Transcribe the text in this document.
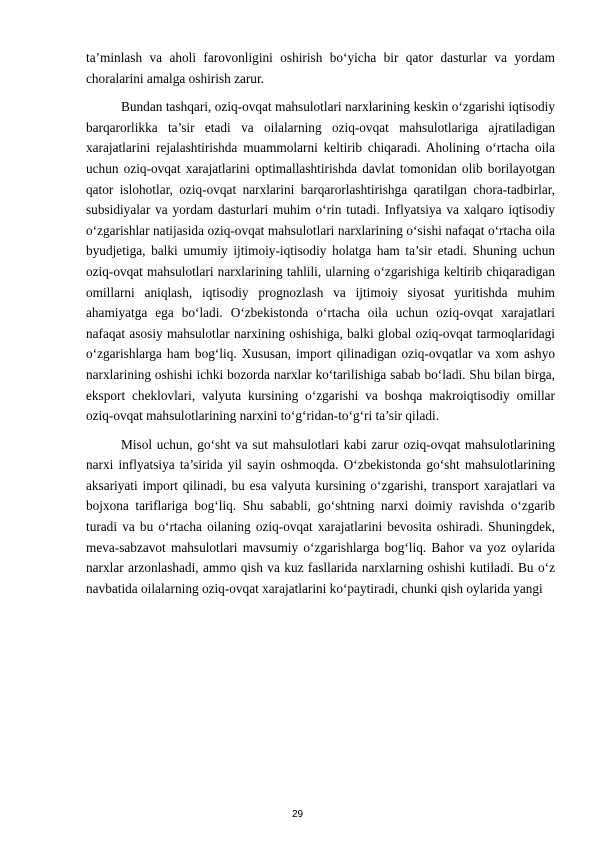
ta’minlash va aholi farovonligini oshirish bo‘yicha bir qator dasturlar va yordam choralarini amalga oshirish zarur.

Bundan tashqari, oziq-ovqat mahsulotlari narxlarining keskin o‘zgarishi iqtisodiy barqarorlikka ta’sir etadi va oilalarning oziq-ovqat mahsulotlariga ajratiladigan xarajatlarini rejalashtirishda muammolarni keltirib chiqaradi. Aholining o‘rtacha oila uchun oziq-ovqat xarajatlarini optimallashtirishda davlat tomonidan olib borilayotgan qator islohotlar, oziq-ovqat narxlarini barqarorlashtirishga qaratilgan chora-tadbirlar, subsidiyalar va yordam dasturlari muhim o‘rin tutadi. Inflyatsiya va xalqaro iqtisodiy o‘zgarishlar natijasida oziq-ovqat mahsulotlari narxlarining o‘sishi nafaqat o‘rtacha oila byudjetiga, balki umumiy ijtimoiy-iqtisodiy holatga ham ta’sir etadi. Shuning uchun oziq-ovqat mahsulotlari narxlarining tahlili, ularning o‘zgarishiga keltirib chiqaradigan omillarni aniqlash, iqtisodiy prognozlash va ijtimoiy siyosat yuritishda muhim ahamiyatga ega bo‘ladi. O‘zbekistonda o‘rtacha oila uchun oziq-ovqat xarajatlari nafaqat asosiy mahsulotlar narxining oshishiga, balki global oziq-ovqat tarmoqlaridagi o‘zgarishlarga ham bog‘liq. Xususan, import qilinadigan oziq-ovqatlar va xom ashyo narxlarining oshishi ichki bozorda narxlar ko‘tarilishiga sabab bo‘ladi. Shu bilan birga, eksport cheklovlari, valyuta kursining o‘zgarishi va boshqa makroiqtisodiy omillar oziq-ovqat mahsulotlarining narxini to‘g‘ridan-to‘g‘ri ta’sir qiladi.

Misol uchun, go‘sht va sut mahsulotlari kabi zarur oziq-ovqat mahsulotlarining narxi inflyatsiya ta’sirida yil sayin oshmoqda. O‘zbekistonda go‘sht mahsulotlarining aksariyati import qilinadi, bu esa valyuta kursining o‘zgarishi, transport xarajatlari va bojxona tariflariga bog‘liq. Shu sababli, go‘shtning narxi doimiy ravishda o‘zgarib turadi va bu o‘rtacha oilaning oziq-ovqat xarajatlarini bevosita oshiradi. Shuningdek, meva-sabzavot mahsulotlari mavsumiy o‘zgarishlarga bog‘liq. Bahor va yoz oylarida narxlar arzonlashadi, ammo qish va kuz fasllarida narxlarning oshishi kutiladi. Bu o‘z navbatida oilalarning oziq-ovqat xarajatlarini ko‘paytiradi, chunki qish oylarida yangi

29
